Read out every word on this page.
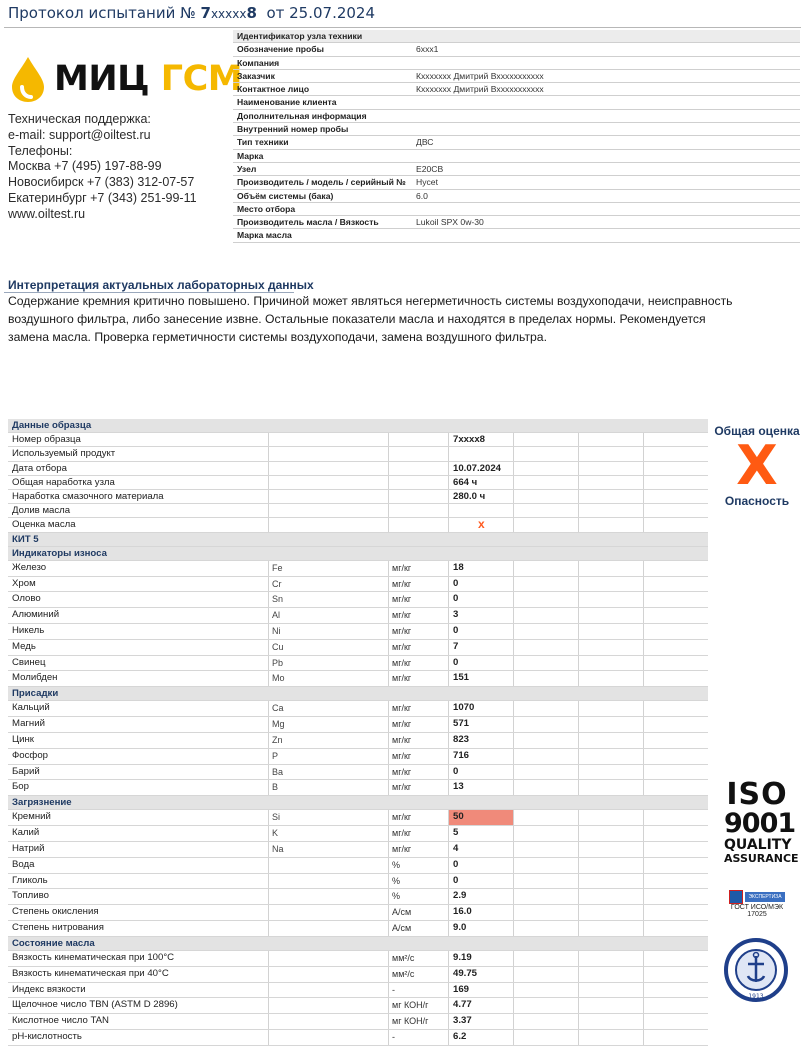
Протокол испытаний № 7xxxxx8 от 25.07.2024
МИЦ ГСМ
Техническая поддержка:
e-mail: support@oiltest.ru
Телефоны:
Москва +7 (495) 197-88-99
Новосибирск +7 (383) 312-07-57
Екатеринбург +7 (343) 251-99-11
www.oiltest.ru
Идентификатор узла техники
Обозначение пробы	6xxx1
Компания
Заказчик	Кxxxxxxx Дмитрий Вxxxxxxxxxxx
Контактное лицо	Кxxxxxxx Дмитрий Вxxxxxxxxxxx
Наименование клиента
Дополнительная информация
Внутренний номер пробы
Тип техники	ДВС
Марка
Узел	E20CB
Производитель / модель / серийный №	Hycet
Объём системы (бака)	6.0
Место отбора
Производитель масла / Вязкость	Lukoil SPX 0w-30
Марка масла
Интерпретация актуальных лабораторных данных
Содержание кремния критично повышено. Причиной может являться негерметичность системы воздухоподачи, неисправность воздушного фильтра, либо занесение извне. Остальные показатели масла и находятся в пределах нормы. Рекомендуется замена масла. Проверка герметичности системы воздухоподачи, замена воздушного фильтра.
Данные образца
Номер образца	7xxxx8
Используемый продукт
Дата отбора	10.07.2024
Общая наработка узла	664 ч
Наработка смазочного материала	280.0 ч
Долив масла
Оценка масла	x
КИТ 5
Индикаторы износа
Железо	Fe	мг/кг	18
Хром	Cr	мг/кг	0
Олово	Sn	мг/кг	0
Алюминий	Al	мг/кг	3
Никель	Ni	мг/кг	0
Медь	Cu	мг/кг	7
Свинец	Pb	мг/кг	0
Молибден	Mo	мг/кг	151
Присадки
Кальций	Ca	мг/кг	1070
Магний	Mg	мг/кг	571
Цинк	Zn	мг/кг	823
Фосфор	P	мг/кг	716
Барий	Ba	мг/кг	0
Бор	B	мг/кг	13
Загрязнение
Кремний	Si	мг/кг	50
Калий	K	мг/кг	5
Натрий	Na	мг/кг	4
Вода	%	0
Гликоль	%	0
Топливо	%	2.9
Степень окисления	А/см	16.0
Степень нитрования	А/см	9.0
Состояние масла
Вязкость кинематическая при 100°С	мм²/с	9.19
Вязкость кинематическая при 40°С	мм²/с	49.75
Индекс вязкости	-	169
Щелочное число TBN (ASTM D 2896)	мг КОН/г	4.77
Кислотное число TAN	мг КОН/г	3.37
pH-кислотность	-	6.2
Общая оценка
X
Опасность
ISO
9001
QUALITY
ASSURANCE
ЭКСПЕРТИЗА
ГОСТ ИСО/МЭК
17025
1913
